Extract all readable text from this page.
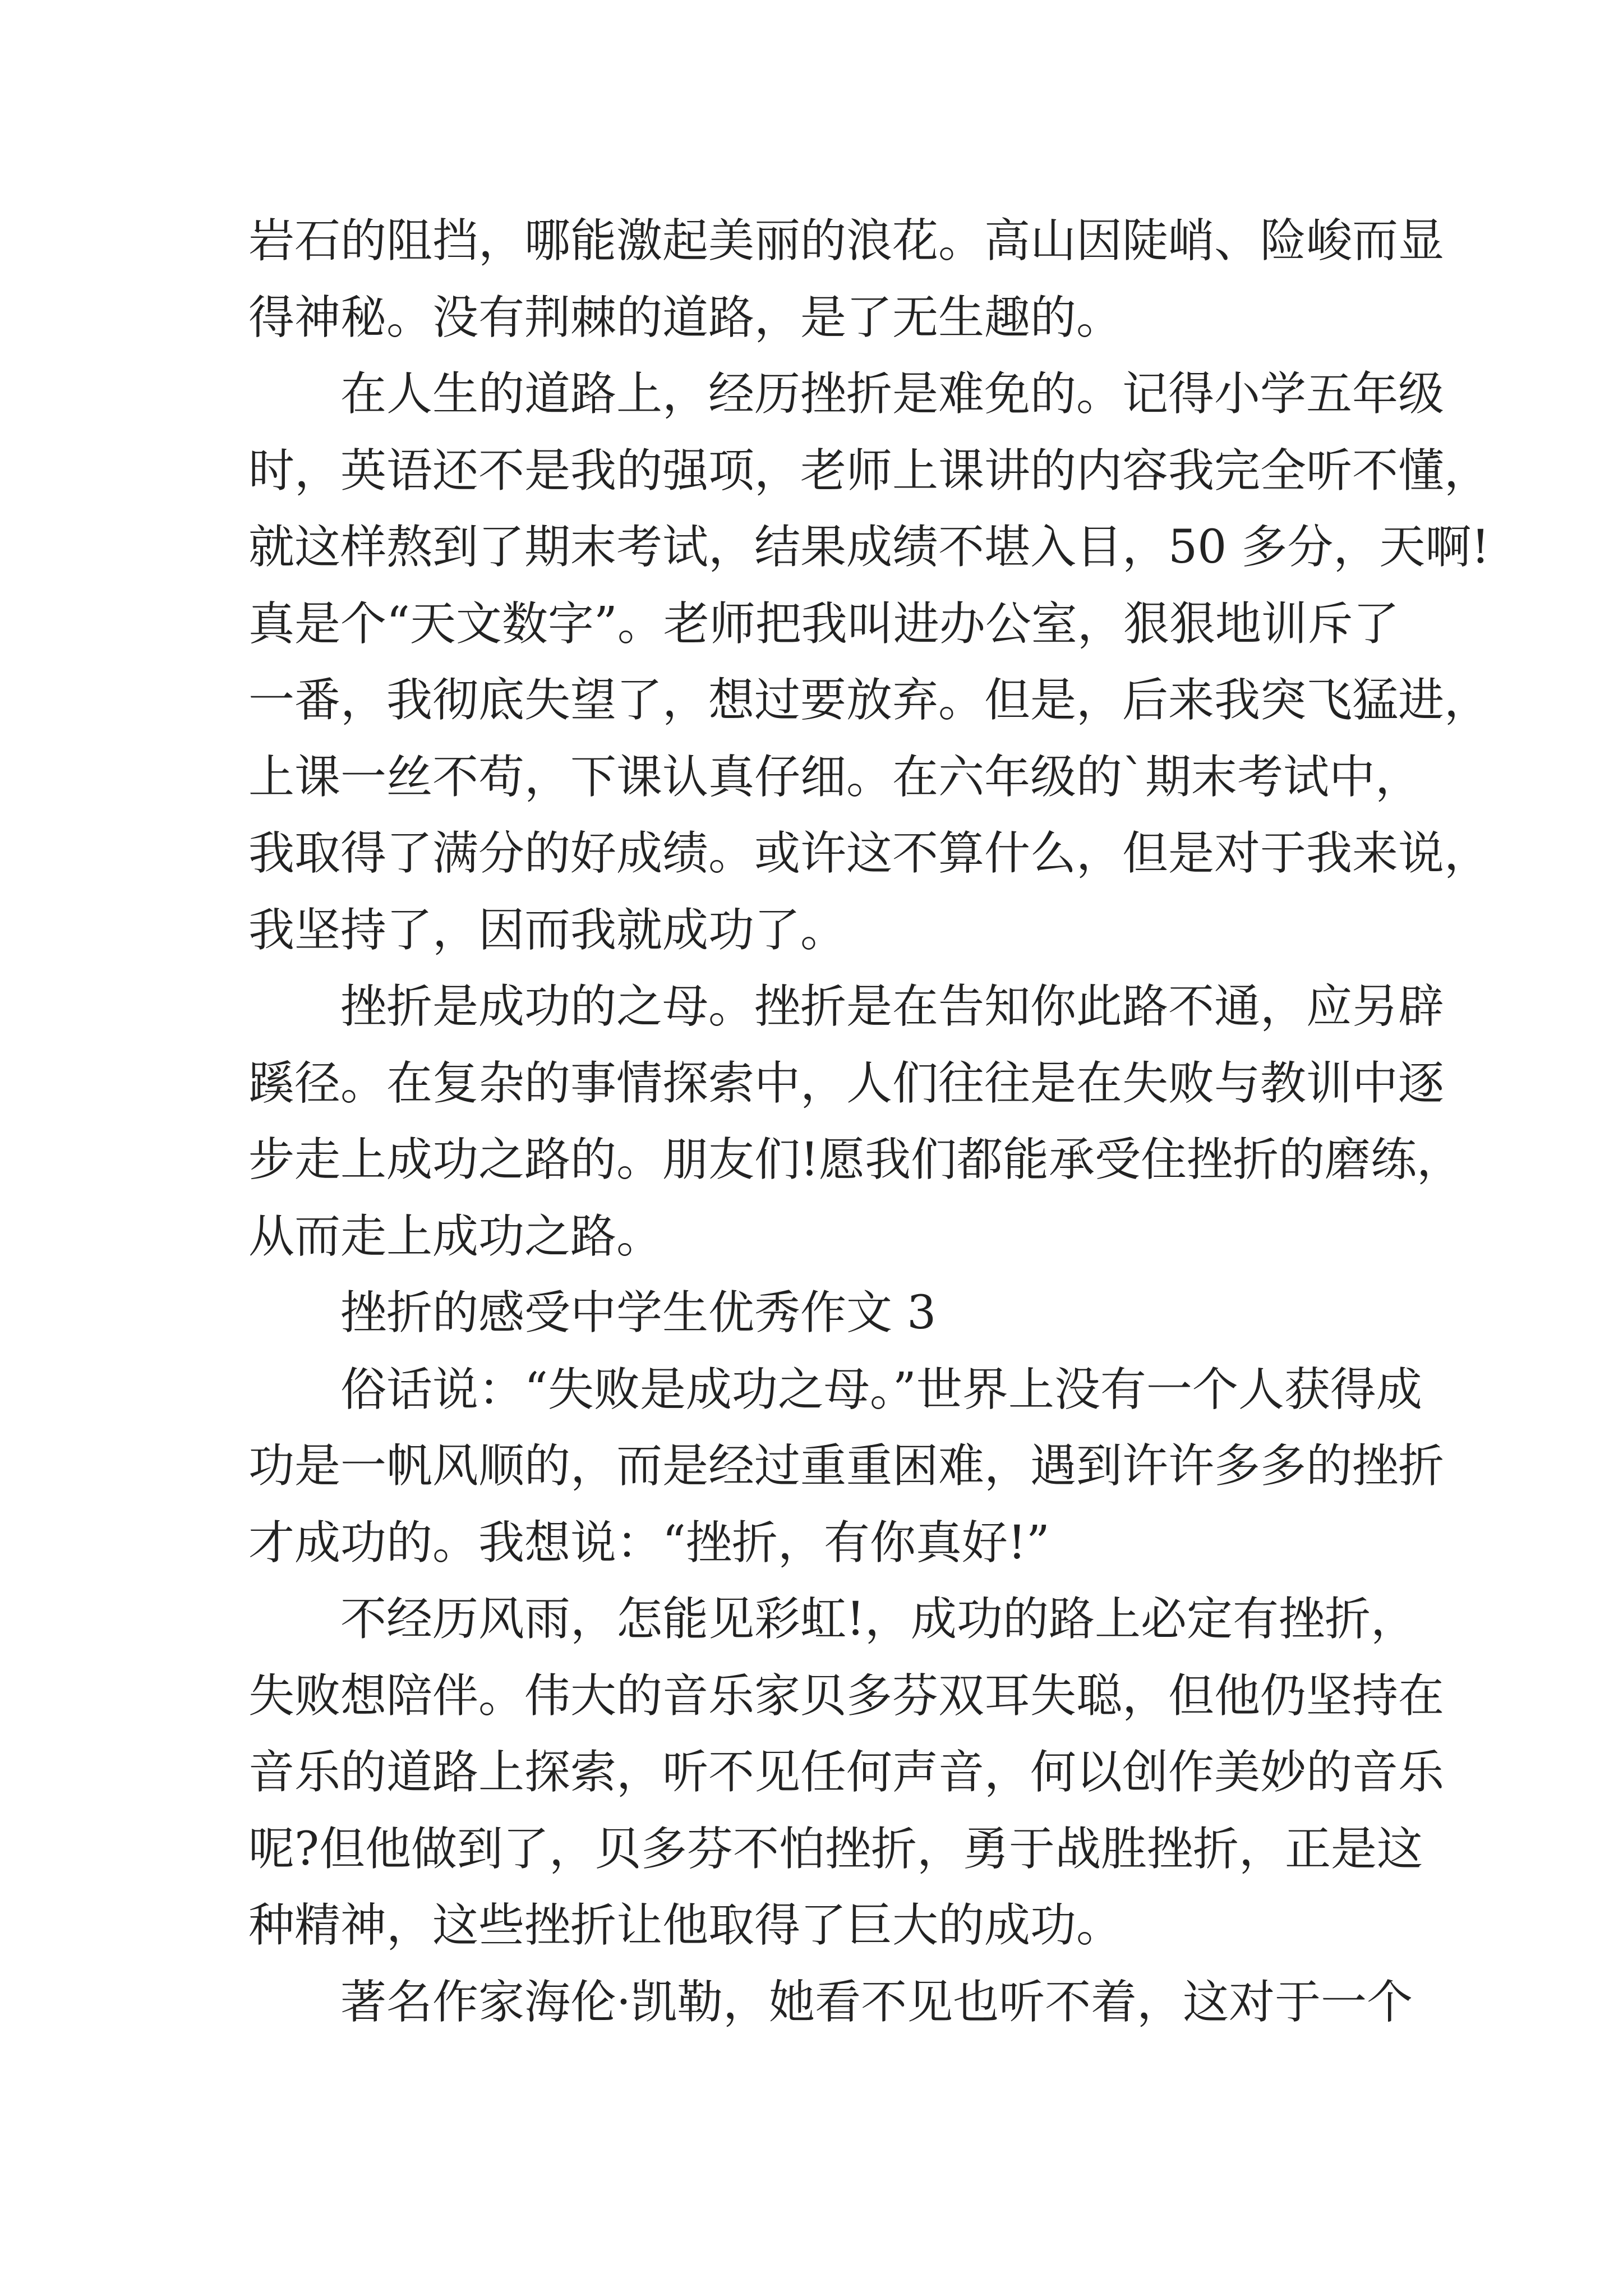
岩石的阻挡，哪能激起美丽的浪花。高山因陡峭、险峻而显
得神秘。没有荆棘的道路，是了无生趣的。
在人生的道路上，经历挫折是难免的。记得小学五年级
时，英语还不是我的强项，老师上课讲的内容我完全听不懂，
就这样熬到了期末考试，结果成绩不堪入目，50 多分，天啊!
真是个“天文数字”。老师把我叫进办公室，狠狠地训斥了
一番，我彻底失望了，想过要放弃。但是，后来我突飞猛进，
上课一丝不苟，下课认真仔细。在六年级的`期末考试中，
我取得了满分的好成绩。或许这不算什么，但是对于我来说，
我坚持了，因而我就成功了。
挫折是成功的之母。挫折是在告知你此路不通，应另辟
蹊径。在复杂的事情探索中，人们往往是在失败与教训中逐
步走上成功之路的。朋友们!愿我们都能承受住挫折的磨练，
从而走上成功之路。
挫折的感受中学生优秀作文 3
俗话说：“失败是成功之母。”世界上没有一个人获得成
功是一帆风顺的，而是经过重重困难，遇到许许多多的挫折
才成功的。我想说：“挫折，有你真好!”
不经历风雨，怎能见彩虹!，成功的路上必定有挫折，
失败想陪伴。伟大的音乐家贝多芬双耳失聪，但他仍坚持在
音乐的道路上探索，听不见任何声音，何以创作美妙的音乐
呢?但他做到了，贝多芬不怕挫折，勇于战胜挫折，正是这
种精神，这些挫折让他取得了巨大的成功。
著名作家海伦·凯勒，她看不见也听不着，这对于一个
